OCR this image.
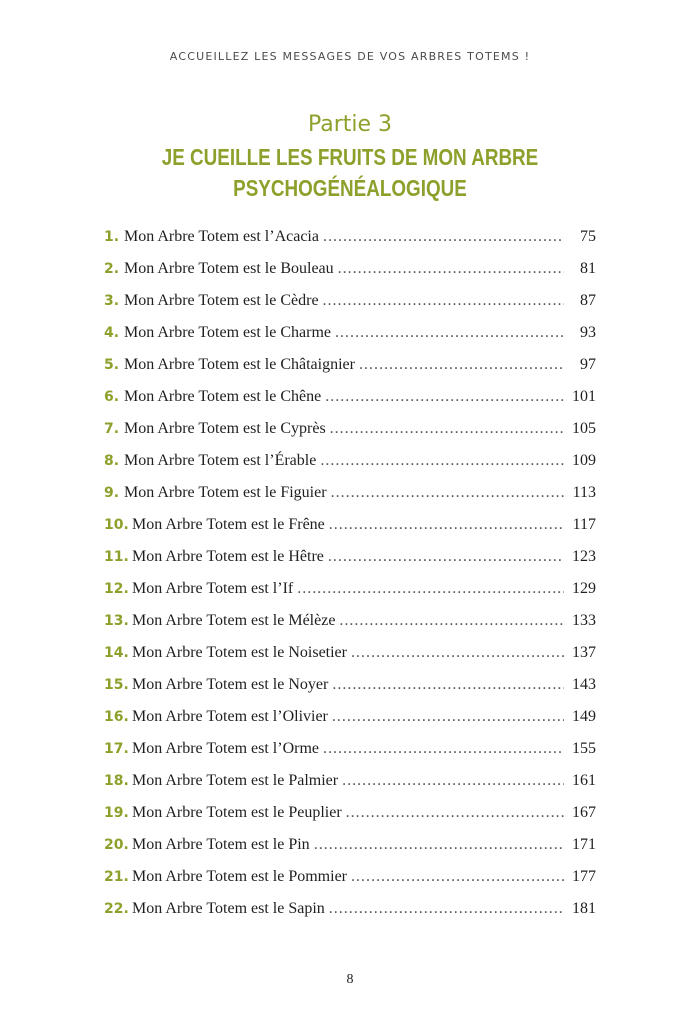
ACCUEILLEZ LES MESSAGES DE VOS ARBRES TOTEMS !
Partie 3
JE CUEILLE LES FRUITS DE MON ARBRE
PSYCHOGÉNÉALOGIQUE
1. Mon Arbre Totem est l’Acacia .....	75
2. Mon Arbre Totem est le Bouleau .....	81
3. Mon Arbre Totem est le Cèdre .....	87
4. Mon Arbre Totem est le Charme .....	93
5. Mon Arbre Totem est le Châtaignier .....	97
6. Mon Arbre Totem est le Chêne .....	101
7. Mon Arbre Totem est le Cyprès .....	105
8. Mon Arbre Totem est l’Érable .....	109
9. Mon Arbre Totem est le Figuier .....	113
10. Mon Arbre Totem est le Frêne .....	117
11. Mon Arbre Totem est le Hêtre .....	123
12. Mon Arbre Totem est l’If .....	129
13. Mon Arbre Totem est le Mélèze .....	133
14. Mon Arbre Totem est le Noisetier .....	137
15. Mon Arbre Totem est le Noyer .....	143
16. Mon Arbre Totem est l’Olivier .....	149
17. Mon Arbre Totem est l’Orme .....	155
18. Mon Arbre Totem est le Palmier .....	161
19. Mon Arbre Totem est le Peuplier .....	167
20. Mon Arbre Totem est le Pin .....	171
21. Mon Arbre Totem est le Pommier .....	177
22. Mon Arbre Totem est le Sapin .....	181
8
